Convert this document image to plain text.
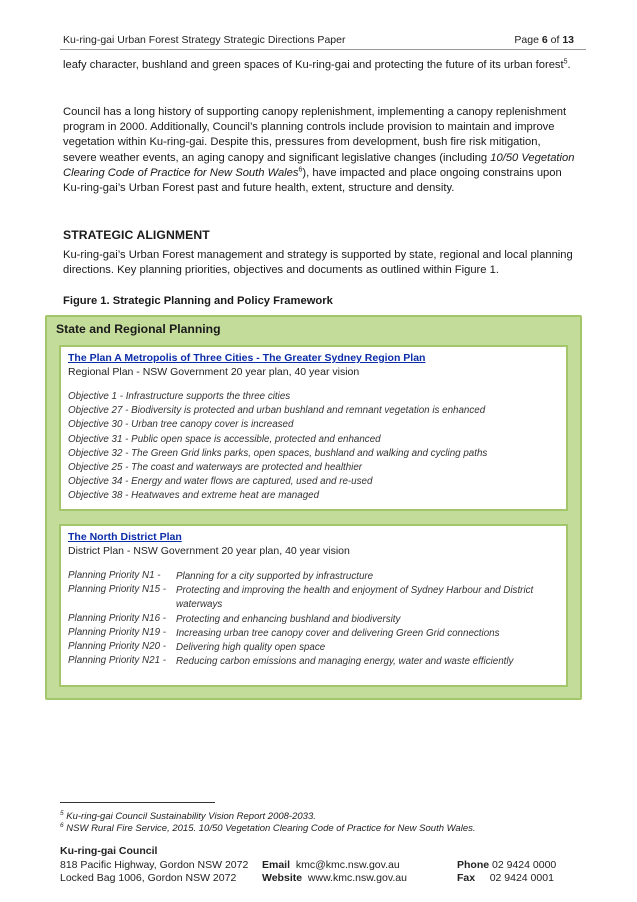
Ku-ring-gai Urban Forest Strategy Strategic Directions Paper	Page 6 of 13

leafy character, bushland and green spaces of Ku-ring-gai and protecting the future of its urban forest$^5$.

Council has a long history of supporting canopy replenishment, implementing a canopy replenishment program in 2000. Additionally, Council’s planning controls include provision to maintain and improve vegetation within Ku-ring-gai. Despite this, pressures from development, bush fire risk mitigation, severe weather events, an aging canopy and significant legislative changes (including 10/50 Vegetation Clearing Code of Practice for New South Wales$^6$), have impacted and place ongoing constrains upon Ku-ring-gai’s Urban Forest past and future health, extent, structure and density.

STRATEGIC ALIGNMENT

Ku-ring-gai’s Urban Forest management and strategy is supported by state, regional and local planning directions. Key planning priorities, objectives and documents as outlined within Figure 1.

Figure 1. Strategic Planning and Policy Framework
State and Regional Planning
The Plan A Metropolis of Three Cities - The Greater Sydney Region Plan
Regional Plan - NSW Government 20 year plan, 40 year vision
Objective 1 - Infrastructure supports the three cities
Objective 27 - Biodiversity is protected and urban bushland and remnant vegetation is enhanced
Objective 30 - Urban tree canopy cover is increased
Objective 31 - Public open space is accessible, protected and enhanced
Objective 32 - The Green Grid links parks, open spaces, bushland and walking and cycling paths
Objective 25 - The coast and waterways are protected and healthier
Objective 34 - Energy and water flows are captured, used and re-used
Objective 38 - Heatwaves and extreme heat are managed
The North District Plan
District Plan - NSW Government 20 year plan, 40 year vision
Planning Priority N1 - Planning for a city supported by infrastructure
Planning Priority N15 - Protecting and improving the health and enjoyment of Sydney Harbour and District waterways
Planning Priority N16 - Protecting and enhancing bushland and biodiversity
Planning Priority N19 - Increasing urban tree canopy cover and delivering Green Grid connections
Planning Priority N20 - Delivering high quality open space
Planning Priority N21 - Reducing carbon emissions and managing energy, water and waste efficiently
$^5$ Ku-ring-gai Council Sustainability Vision Report 2008-2033.
$^6$ NSW Rural Fire Service, 2015. 10/50 Vegetation Clearing Code of Practice for New South Wales.
Ku-ring-gai Council
818 Pacific Highway, Gordon NSW 2072
Locked Bag 1006, Gordon NSW 2072
Email kmc@kmc.nsw.gov.au
Website www.kmc.nsw.gov.au
Phone 02 9424 0000
Fax 02 9424 0001
